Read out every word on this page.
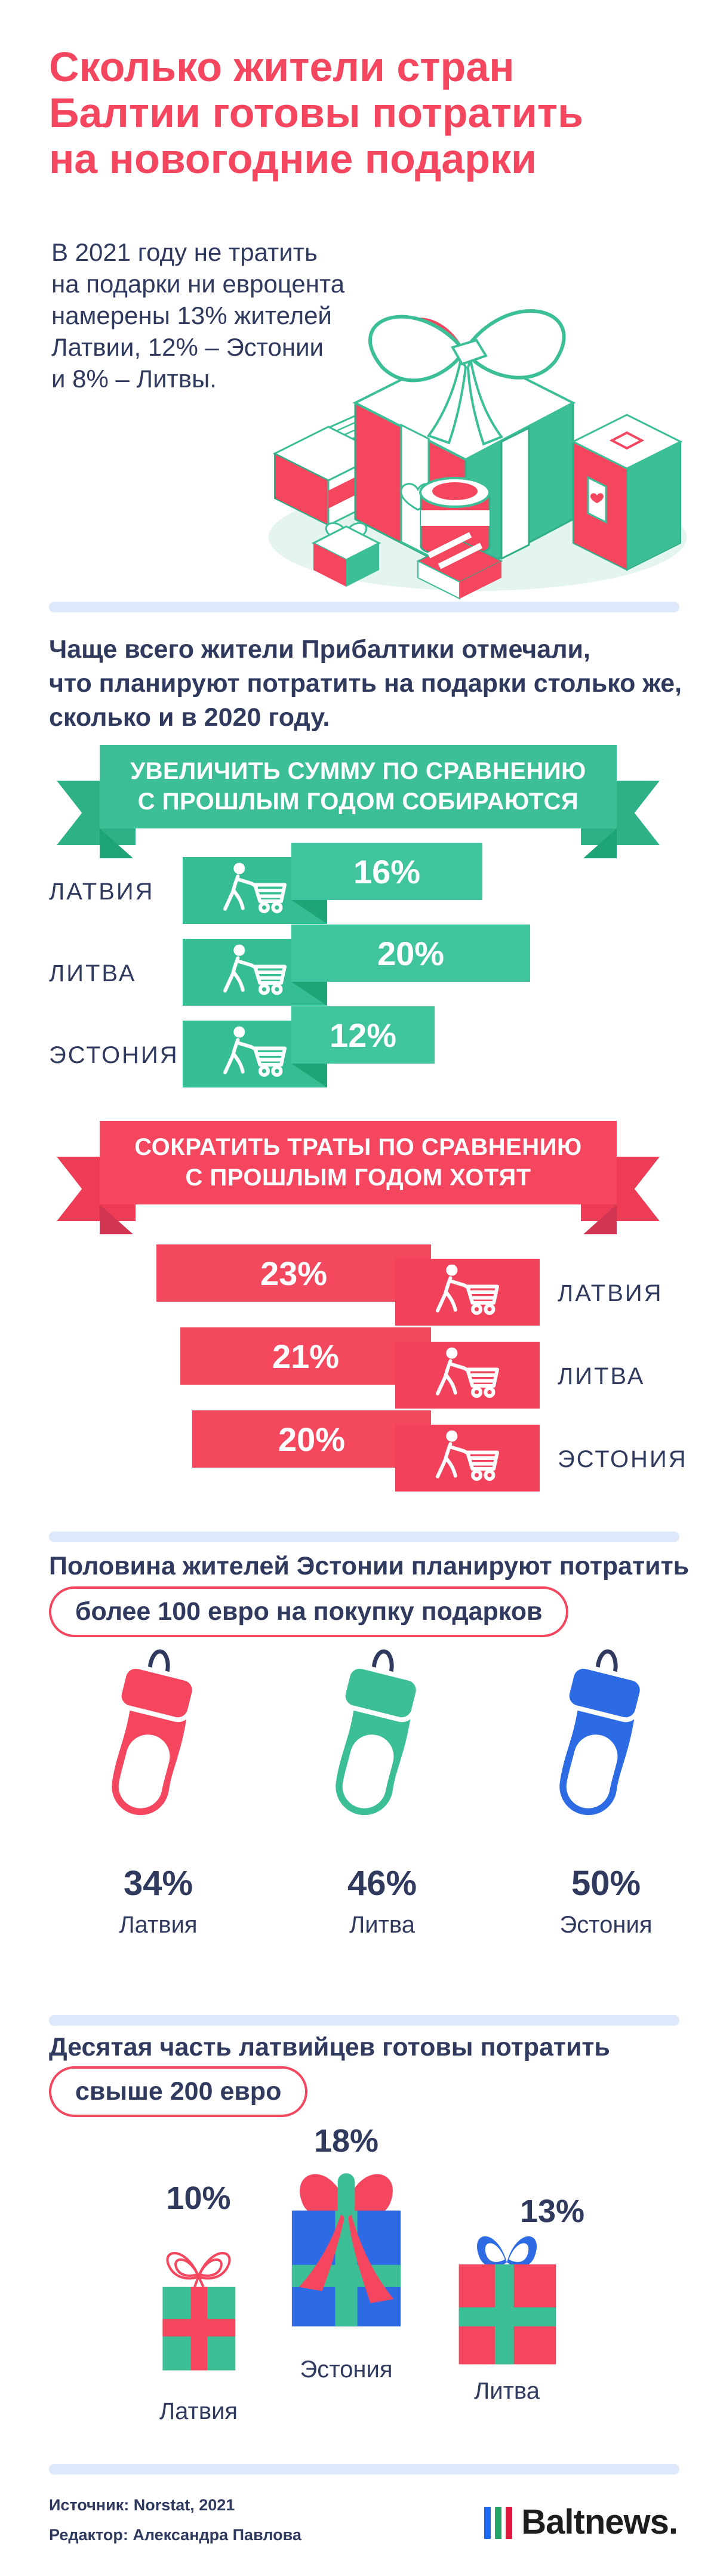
Сколько жители стран
Балтии готовы потратить
на новогодние подарки
В 2021 году не тратить
на подарки ни евроцента
намерены 13% жителей
Латвии, 12% – Эстонии
и 8% – Литвы.
Чаще всего жители Прибалтики отмечали,
что планируют потратить на подарки столько же,
сколько и в 2020 году.
УВЕЛИЧИТЬ СУММУ ПО СРАВНЕНИЮ
С ПРОШЛЫМ ГОДОМ СОБИРАЮТСЯ
ЛАТВИЯ
16%
ЛИТВА
20%
ЭСТОНИЯ
12%
СОКРАТИТЬ ТРАТЫ ПО СРАВНЕНИЮ
С ПРОШЛЫМ ГОДОМ ХОТЯТ
23%
ЛАТВИЯ
21%
ЛИТВА
20%
ЭСТОНИЯ
Половина жителей Эстонии планируют потратить
более 100 евро на покупку подарков
34%
Латвия
46%
Литва
50%
Эстония
Десятая часть латвийцев готовы потратить
свыше 200 евро
18%
Эстония
10%
Латвия
13%
Литва
Источник: Norstat, 2021
Редактор: Александра Павлова	Baltnews.
